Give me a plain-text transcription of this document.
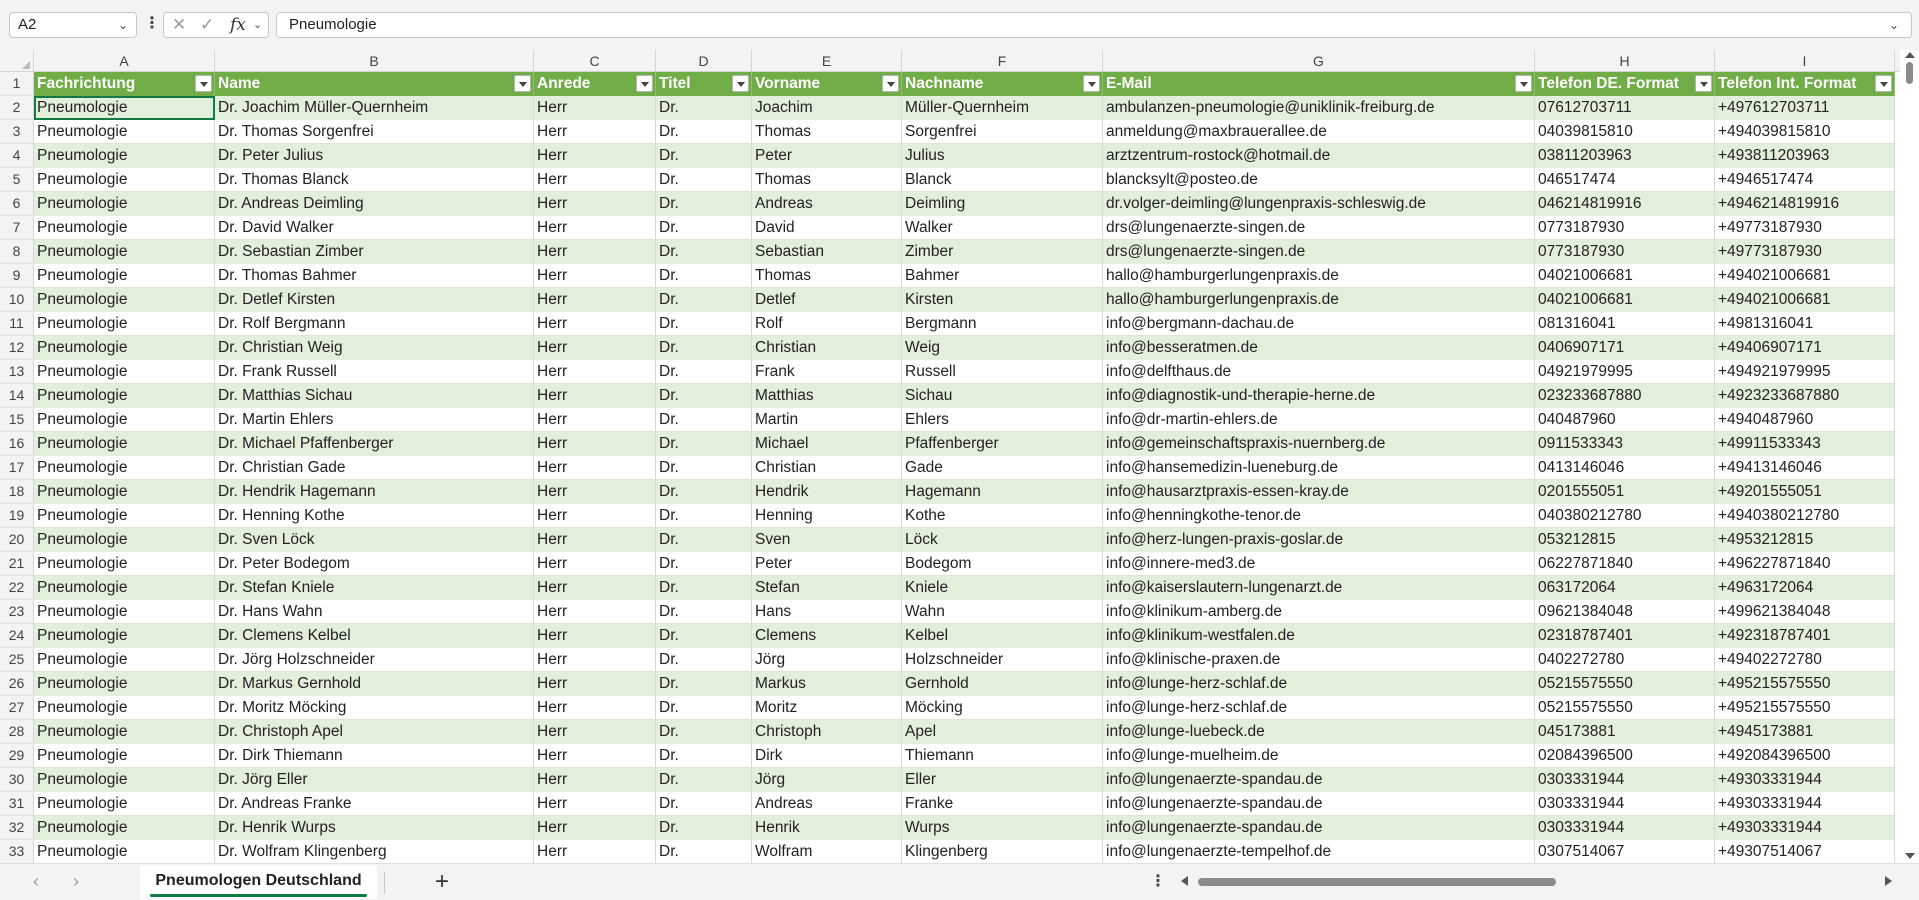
A2	⌄ ⋮ ✕ ✓ fx ⌄	Pneumologie	⌄
A	B	C	D	E	F	G	H	I
1	Fachrichtung	Name	Anrede	Titel	Vorname	Nachname	E-Mail	Telefon DE. Format	Telefon Int. Format
2	Pneumologie	Dr. Joachim Müller-Quernheim	Herr	Dr.	Joachim	Müller-Quernheim	ambulanzen-pneumologie@uniklinik-freiburg.de	07612703711	+497612703711
3	Pneumologie	Dr. Thomas Sorgenfrei	Herr	Dr.	Thomas	Sorgenfrei	anmeldung@maxbrauerallee.de	04039815810	+494039815810
4	Pneumologie	Dr. Peter Julius	Herr	Dr.	Peter	Julius	arztzentrum-rostock@hotmail.de	03811203963	+493811203963
5	Pneumologie	Dr. Thomas Blanck	Herr	Dr.	Thomas	Blanck	blancksylt@posteo.de	046517474	+4946517474
6	Pneumologie	Dr. Andreas Deimling	Herr	Dr.	Andreas	Deimling	dr.volger-deimling@lungenpraxis-schleswig.de	046214819916	+4946214819916
7	Pneumologie	Dr. David Walker	Herr	Dr.	David	Walker	drs@lungenaerzte-singen.de	0773187930	+49773187930
8	Pneumologie	Dr. Sebastian Zimber	Herr	Dr.	Sebastian	Zimber	drs@lungenaerzte-singen.de	0773187930	+49773187930
9	Pneumologie	Dr. Thomas Bahmer	Herr	Dr.	Thomas	Bahmer	hallo@hamburgerlungenpraxis.de	04021006681	+494021006681
10 Pneumologie	Dr. Detlef Kirsten	Herr	Dr.	Detlef	Kirsten	hallo@hamburgerlungenpraxis.de	04021006681	+494021006681
11 Pneumologie	Dr. Rolf Bergmann	Herr	Dr.	Rolf	Bergmann	info@bergmann-dachau.de	081316041	+4981316041
12 Pneumologie	Dr. Christian Weig	Herr	Dr.	Christian	Weig	info@besseratmen.de	0406907171	+49406907171
13 Pneumologie	Dr. Frank Russell	Herr	Dr.	Frank	Russell	info@delfthaus.de	04921979995	+494921979995
14 Pneumologie	Dr. Matthias Sichau	Herr	Dr.	Matthias	Sichau	info@diagnostik-und-therapie-herne.de	023233687880	+4923233687880
15 Pneumologie	Dr. Martin Ehlers	Herr	Dr.	Martin	Ehlers	info@dr-martin-ehlers.de	040487960	+4940487960
16 Pneumologie	Dr. Michael Pfaffenberger	Herr	Dr.	Michael	Pfaffenberger	info@gemeinschaftspraxis-nuernberg.de	0911533343	+49911533343
17 Pneumologie	Dr. Christian Gade	Herr	Dr.	Christian	Gade	info@hansemedizin-lueneburg.de	0413146046	+49413146046
18 Pneumologie	Dr. Hendrik Hagemann	Herr	Dr.	Hendrik	Hagemann	info@hausarztpraxis-essen-kray.de	0201555051	+49201555051
19 Pneumologie	Dr. Henning Kothe	Herr	Dr.	Henning	Kothe	info@henningkothe-tenor.de	040380212780	+4940380212780
20 Pneumologie	Dr. Sven Löck	Herr	Dr.	Sven	Löck	info@herz-lungen-praxis-goslar.de	053212815	+4953212815
21 Pneumologie	Dr. Peter Bodegom	Herr	Dr.	Peter	Bodegom	info@innere-med3.de	06227871840	+496227871840
22 Pneumologie	Dr. Stefan Kniele	Herr	Dr.	Stefan	Kniele	info@kaiserslautern-lungenarzt.de	063172064	+4963172064
23 Pneumologie	Dr. Hans Wahn	Herr	Dr.	Hans	Wahn	info@klinikum-amberg.de	09621384048	+499621384048
24 Pneumologie	Dr. Clemens Kelbel	Herr	Dr.	Clemens	Kelbel	info@klinikum-westfalen.de	02318787401	+492318787401
25 Pneumologie	Dr. Jörg Holzschneider	Herr	Dr.	Jörg	Holzschneider	info@klinische-praxen.de	0402272780	+49402272780
26 Pneumologie	Dr. Markus Gernhold	Herr	Dr.	Markus	Gernhold	info@lunge-herz-schlaf.de	05215575550	+495215575550
27 Pneumologie	Dr. Moritz Möcking	Herr	Dr.	Moritz	Möcking	info@lunge-herz-schlaf.de	05215575550	+495215575550
28 Pneumologie	Dr. Christoph Apel	Herr	Dr.	Christoph	Apel	info@lunge-luebeck.de	045173881	+4945173881
29 Pneumologie	Dr. Dirk Thiemann	Herr	Dr.	Dirk	Thiemann	info@lunge-muelheim.de	02084396500	+492084396500
30 Pneumologie	Dr. Jörg Eller	Herr	Dr.	Jörg	Eller	info@lungenaerzte-spandau.de	0303331944	+49303331944
31 Pneumologie	Dr. Andreas Franke	Herr	Dr.	Andreas	Franke	info@lungenaerzte-spandau.de	0303331944	+49303331944
32 Pneumologie	Dr. Henrik Wurps	Herr	Dr.	Henrik	Wurps	info@lungenaerzte-spandau.de	0303331944	+49303331944
33 Pneumologie	Dr. Wolfram Klingenberg	Herr	Dr.	Wolfram	Klingenberg	info@lungenaerzte-tempelhof.de	0307514067	+49307514067
‹	›	Pneumologen Deutschland	+	⋮
